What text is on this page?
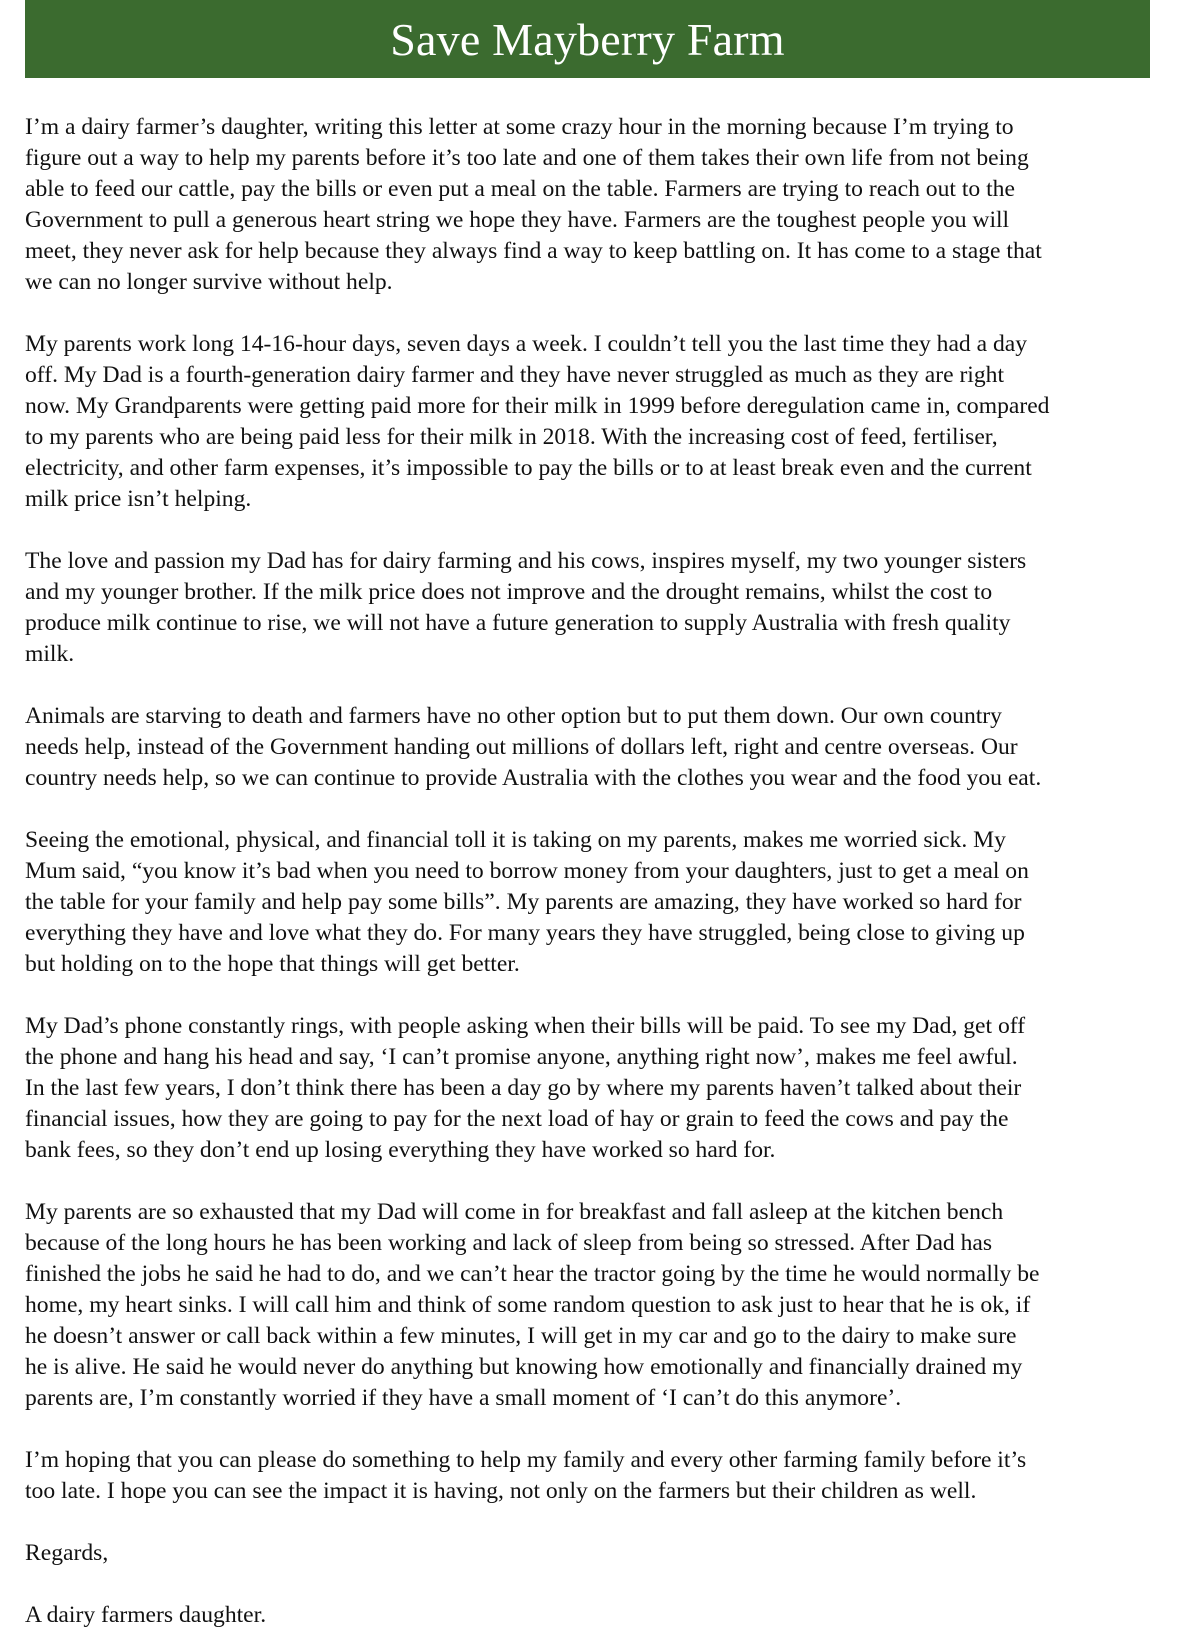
Save Mayberry Farm

I’m a dairy farmer’s daughter, writing this letter at some crazy hour in the morning because I’m trying to
figure out a way to help my parents before it’s too late and one of them takes their own life from not being
able to feed our cattle, pay the bills or even put a meal on the table. Farmers are trying to reach out to the
Government to pull a generous heart string we hope they have. Farmers are the toughest people you will
meet, they never ask for help because they always find a way to keep battling on. It has come to a stage that
we can no longer survive without help.

My parents work long 14-16-hour days, seven days a week. I couldn’t tell you the last time they had a day
off. My Dad is a fourth-generation dairy farmer and they have never struggled as much as they are right
now. My Grandparents were getting paid more for their milk in 1999 before deregulation came in, compared
to my parents who are being paid less for their milk in 2018. With the increasing cost of feed, fertiliser,
electricity, and other farm expenses, it’s impossible to pay the bills or to at least break even and the current
milk price isn’t helping.

The love and passion my Dad has for dairy farming and his cows, inspires myself, my two younger sisters
and my younger brother. If the milk price does not improve and the drought remains, whilst the cost to
produce milk continue to rise, we will not have a future generation to supply Australia with fresh quality
milk.

Animals are starving to death and farmers have no other option but to put them down. Our own country
needs help, instead of the Government handing out millions of dollars left, right and centre overseas. Our
country needs help, so we can continue to provide Australia with the clothes you wear and the food you eat.

Seeing the emotional, physical, and financial toll it is taking on my parents, makes me worried sick. My
Mum said, “you know it’s bad when you need to borrow money from your daughters, just to get a meal on
the table for your family and help pay some bills”. My parents are amazing, they have worked so hard for
everything they have and love what they do. For many years they have struggled, being close to giving up
but holding on to the hope that things will get better.

My Dad’s phone constantly rings, with people asking when their bills will be paid. To see my Dad, get off
the phone and hang his head and say, ‘I can’t promise anyone, anything right now’, makes me feel awful.
In the last few years, I don’t think there has been a day go by where my parents haven’t talked about their
financial issues, how they are going to pay for the next load of hay or grain to feed the cows and pay the
bank fees, so they don’t end up losing everything they have worked so hard for.

My parents are so exhausted that my Dad will come in for breakfast and fall asleep at the kitchen bench
because of the long hours he has been working and lack of sleep from being so stressed. After Dad has
finished the jobs he said he had to do, and we can’t hear the tractor going by the time he would normally be
home, my heart sinks. I will call him and think of some random question to ask just to hear that he is ok, if
he doesn’t answer or call back within a few minutes, I will get in my car and go to the dairy to make sure
he is alive. He said he would never do anything but knowing how emotionally and financially drained my
parents are, I’m constantly worried if they have a small moment of ‘I can’t do this anymore’.

I’m hoping that you can please do something to help my family and every other farming family before it’s
too late. I hope you can see the impact it is having, not only on the farmers but their children as well.

Regards,

A dairy farmers daughter.
